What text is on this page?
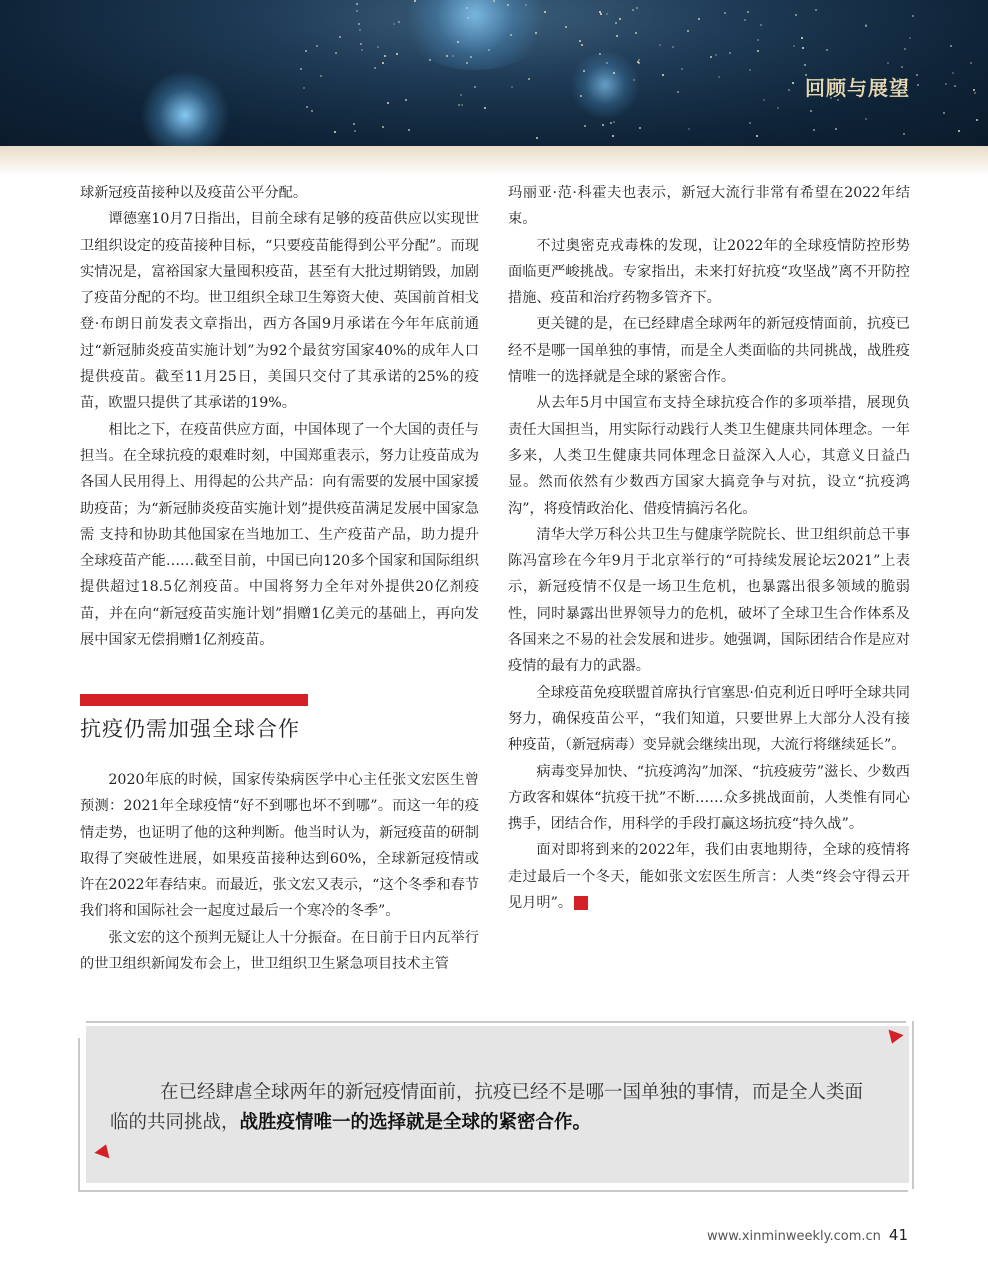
回顾与展望

球新冠疫苗接种以及疫苗公平分配。

谭德塞10月7日指出，目前全球有足够的疫苗供应以实现世卫组织设定的疫苗接种目标，“只要疫苗能得到公平分配”。而现实情况是，富裕国家大量囤积疫苗，甚至有大批过期销毁，加剧了疫苗分配的不均。世卫组织全球卫生筹资大使、英国前首相戈登·布朗日前发表文章指出，西方各国9月承诺在今年年底前通过“新冠肺炎疫苗实施计划”为92个最贫穷国家40%的成年人口提供疫苗。截至11月25日，美国只交付了其承诺的25%的疫苗，欧盟只提供了其承诺的19%。

相比之下，在疫苗供应方面，中国体现了一个大国的责任与担当。在全球抗疫的艰难时刻，中国郑重表示，努力让疫苗成为各国人民用得上、用得起的公共产品：向有需要的发展中国家援助疫苗；为“新冠肺炎疫苗实施计划”提供疫苗满足发展中国家急需 支持和协助其他国家在当地加工、生产疫苗产品，助力提升全球疫苗产能……截至目前，中国已向120多个国家和国际组织提供超过18.5亿剂疫苗。中国将努力全年对外提供20亿剂疫苗，并在向“新冠疫苗实施计划”捐赠1亿美元的基础上，再向发展中国家无偿捐赠1亿剂疫苗。

抗疫仍需加强全球合作

2020年底的时候，国家传染病医学中心主任张文宏医生曾预测：2021年全球疫情“好不到哪也坏不到哪”。而这一年的疫情走势，也证明了他的这种判断。他当时认为，新冠疫苗的研制取得了突破性进展，如果疫苗接种达到60%，全球新冠疫情或许在2022年春结束。而最近，张文宏又表示，“这个冬季和春节我们将和国际社会一起度过最后一个寒冷的冬季”。

张文宏的这个预判无疑让人十分振奋。在日前于日内瓦举行的世卫组织新闻发布会上，世卫组织卫生紧急项目技术主管

玛丽亚·范·科霍夫也表示，新冠大流行非常有希望在2022年结束。

不过奥密克戎毒株的发现，让2022年的全球疫情防控形势面临更严峻挑战。专家指出，未来打好抗疫“攻坚战”离不开防控措施、疫苗和治疗药物多管齐下。

更关键的是，在已经肆虐全球两年的新冠疫情面前，抗疫已经不是哪一国单独的事情，而是全人类面临的共同挑战，战胜疫情唯一的选择就是全球的紧密合作。

从去年5月中国宣布支持全球抗疫合作的多项举措，展现负责任大国担当，用实际行动践行人类卫生健康共同体理念。一年多来，人类卫生健康共同体理念日益深入人心，其意义日益凸显。然而依然有少数西方国家大搞竞争与对抗，设立“抗疫鸿沟”，将疫情政治化、借疫情搞污名化。

清华大学万科公共卫生与健康学院院长、世卫组织前总干事陈冯富珍在今年9月于北京举行的“可持续发展论坛2021”上表示，新冠疫情不仅是一场卫生危机，也暴露出很多领域的脆弱性，同时暴露出世界领导力的危机，破坏了全球卫生合作体系及各国来之不易的社会发展和进步。她强调，国际团结合作是应对疫情的最有力的武器。

全球疫苗免疫联盟首席执行官塞思·伯克利近日呼吁全球共同努力，确保疫苗公平，“我们知道，只要世界上大部分人没有接种疫苗，（新冠病毒）变异就会继续出现，大流行将继续延长”。

病毒变异加快、“抗疫鸿沟”加深、“抗疫疲劳”滋长、少数西方政客和媒体“抗疫干扰”不断……众多挑战面前，人类惟有同心携手，团结合作，用科学的手段打赢这场抗疫“持久战”。

面对即将到来的2022年，我们由衷地期待，全球的疫情将走过最后一个冬天，能如张文宏医生所言：人类“终会守得云开见月明”。	民

在已经肆虐全球两年的新冠疫情面前，抗疫已经不是哪一国单独的事情，而是全人类面临的共同挑战，战胜疫情唯一的选择就是全球的紧密合作。
www.xinminweekly.com.cn 41
